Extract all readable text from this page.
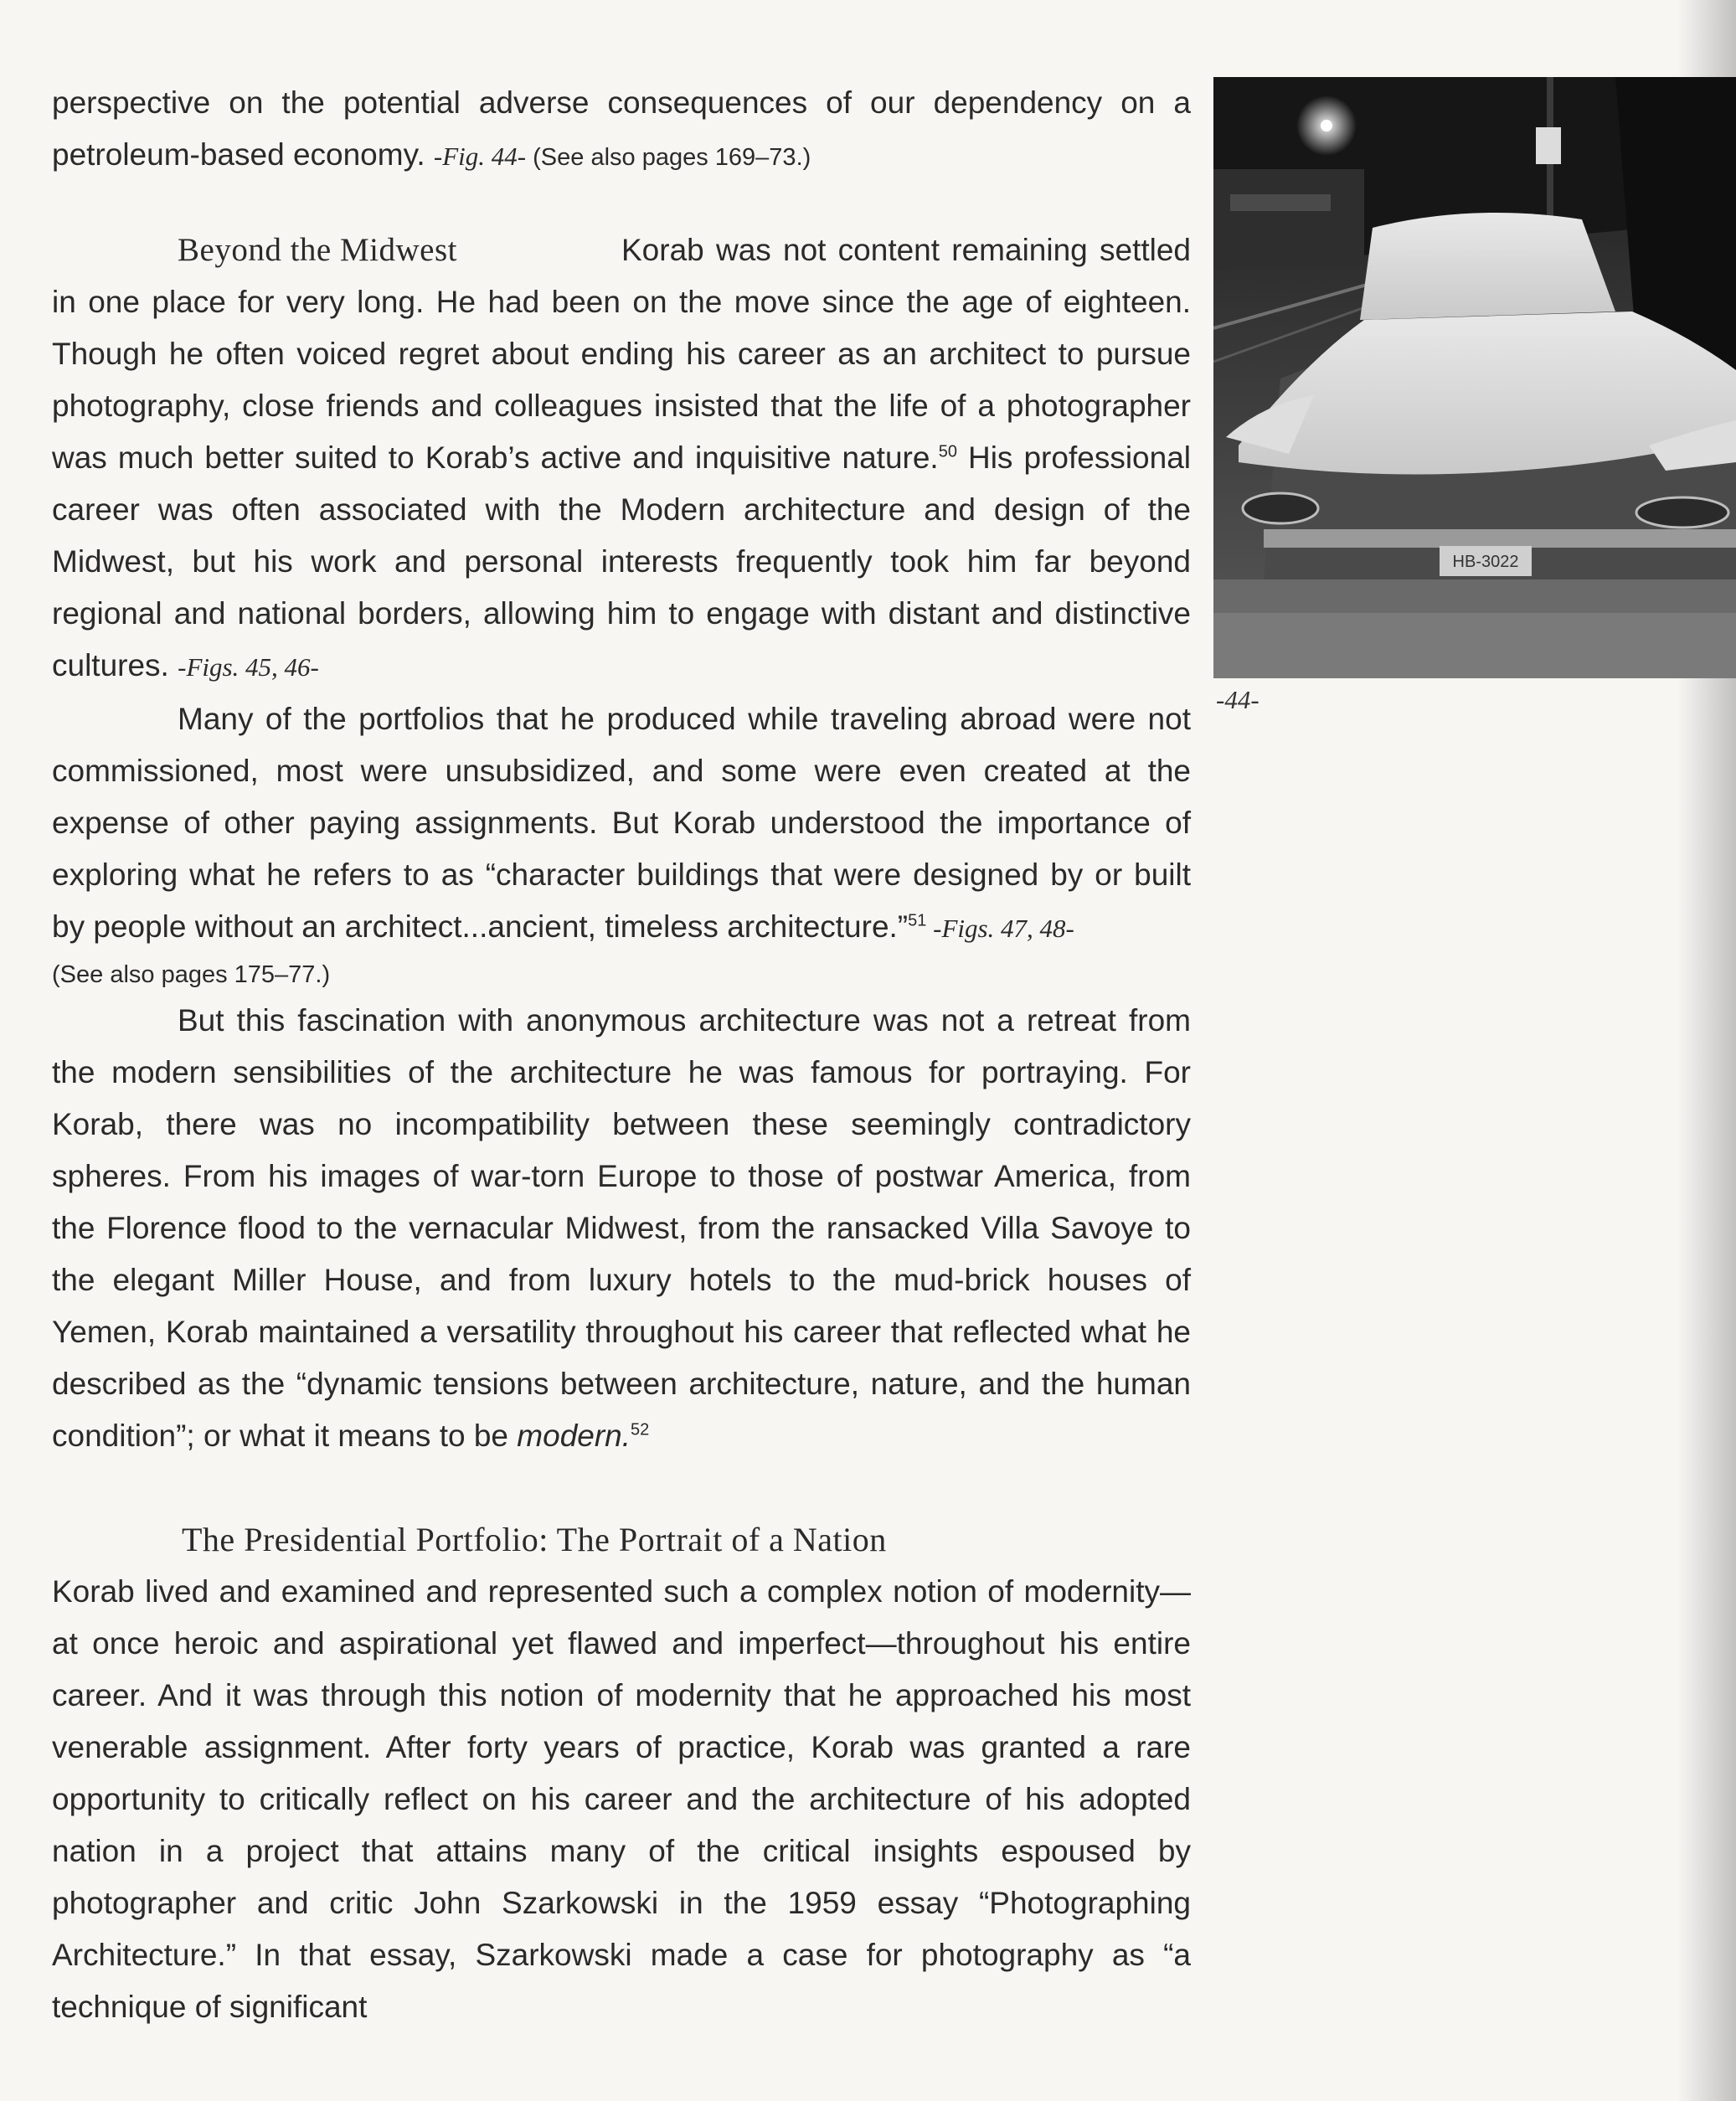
perspective on the potential adverse consequences of our dependency on a petroleum-based economy. -Fig. 44- (See also pages 169–73.)

Beyond the Midwest	Korab was not content remaining settled in one place for very long. He had been on the move since the age of eighteen. Though he often voiced regret about ending his career as an architect to pursue photography, close friends and colleagues insisted that the life of a photographer was much better suited to Korab’s active and inquisitive nature.$^{50}$ His professional career was often associated with the Modern architecture and design of the Midwest, but his work and personal interests frequently took him far beyond regional and national borders, allowing him to engage with distant and distinctive cultures. -Figs. 45, 46-

Many of the portfolios that he produced while traveling abroad were not commissioned, most were unsubsidized, and some were even created at the expense of other paying assignments. But Korab understood the importance of exploring what he refers to as “character buildings that were designed by or built by people without an architect...ancient, timeless architecture.”$^{51}$ -Figs. 47, 48-

(See also pages 175–77.)

But this fascination with anonymous architecture was not a retreat from the modern sensibilities of the architecture he was famous for portraying. For Korab, there was no incompatibility between these seemingly contradictory spheres. From his images of war-torn Europe to those of postwar America, from the Florence flood to the vernacular Midwest, from the ransacked Villa Savoye to the elegant Miller House, and from luxury hotels to the mud-brick houses of Yemen, Korab maintained a versatility throughout his career that reflected what he described as the “dynamic tensions between architecture, nature, and the human condition”; or what it means to be modern.$^{52}$

The Presidential Portfolio: The Portrait of a Nation

Korab lived and examined and represented such a complex notion of modernity—at once heroic and aspirational yet flawed and imperfect—throughout his entire career. And it was through this notion of modernity that he approached his most venerable assignment. After forty years of practice, Korab was granted a rare opportunity to critically reflect on his career and the architecture of his adopted nation in a project that attains many of the critical insights espoused by photographer and critic John Szarkowski in the 1959 essay “Photographing Architecture.” In that essay, Szarkowski made a case for photography as “a technique of significant

HB-3022
-44-
